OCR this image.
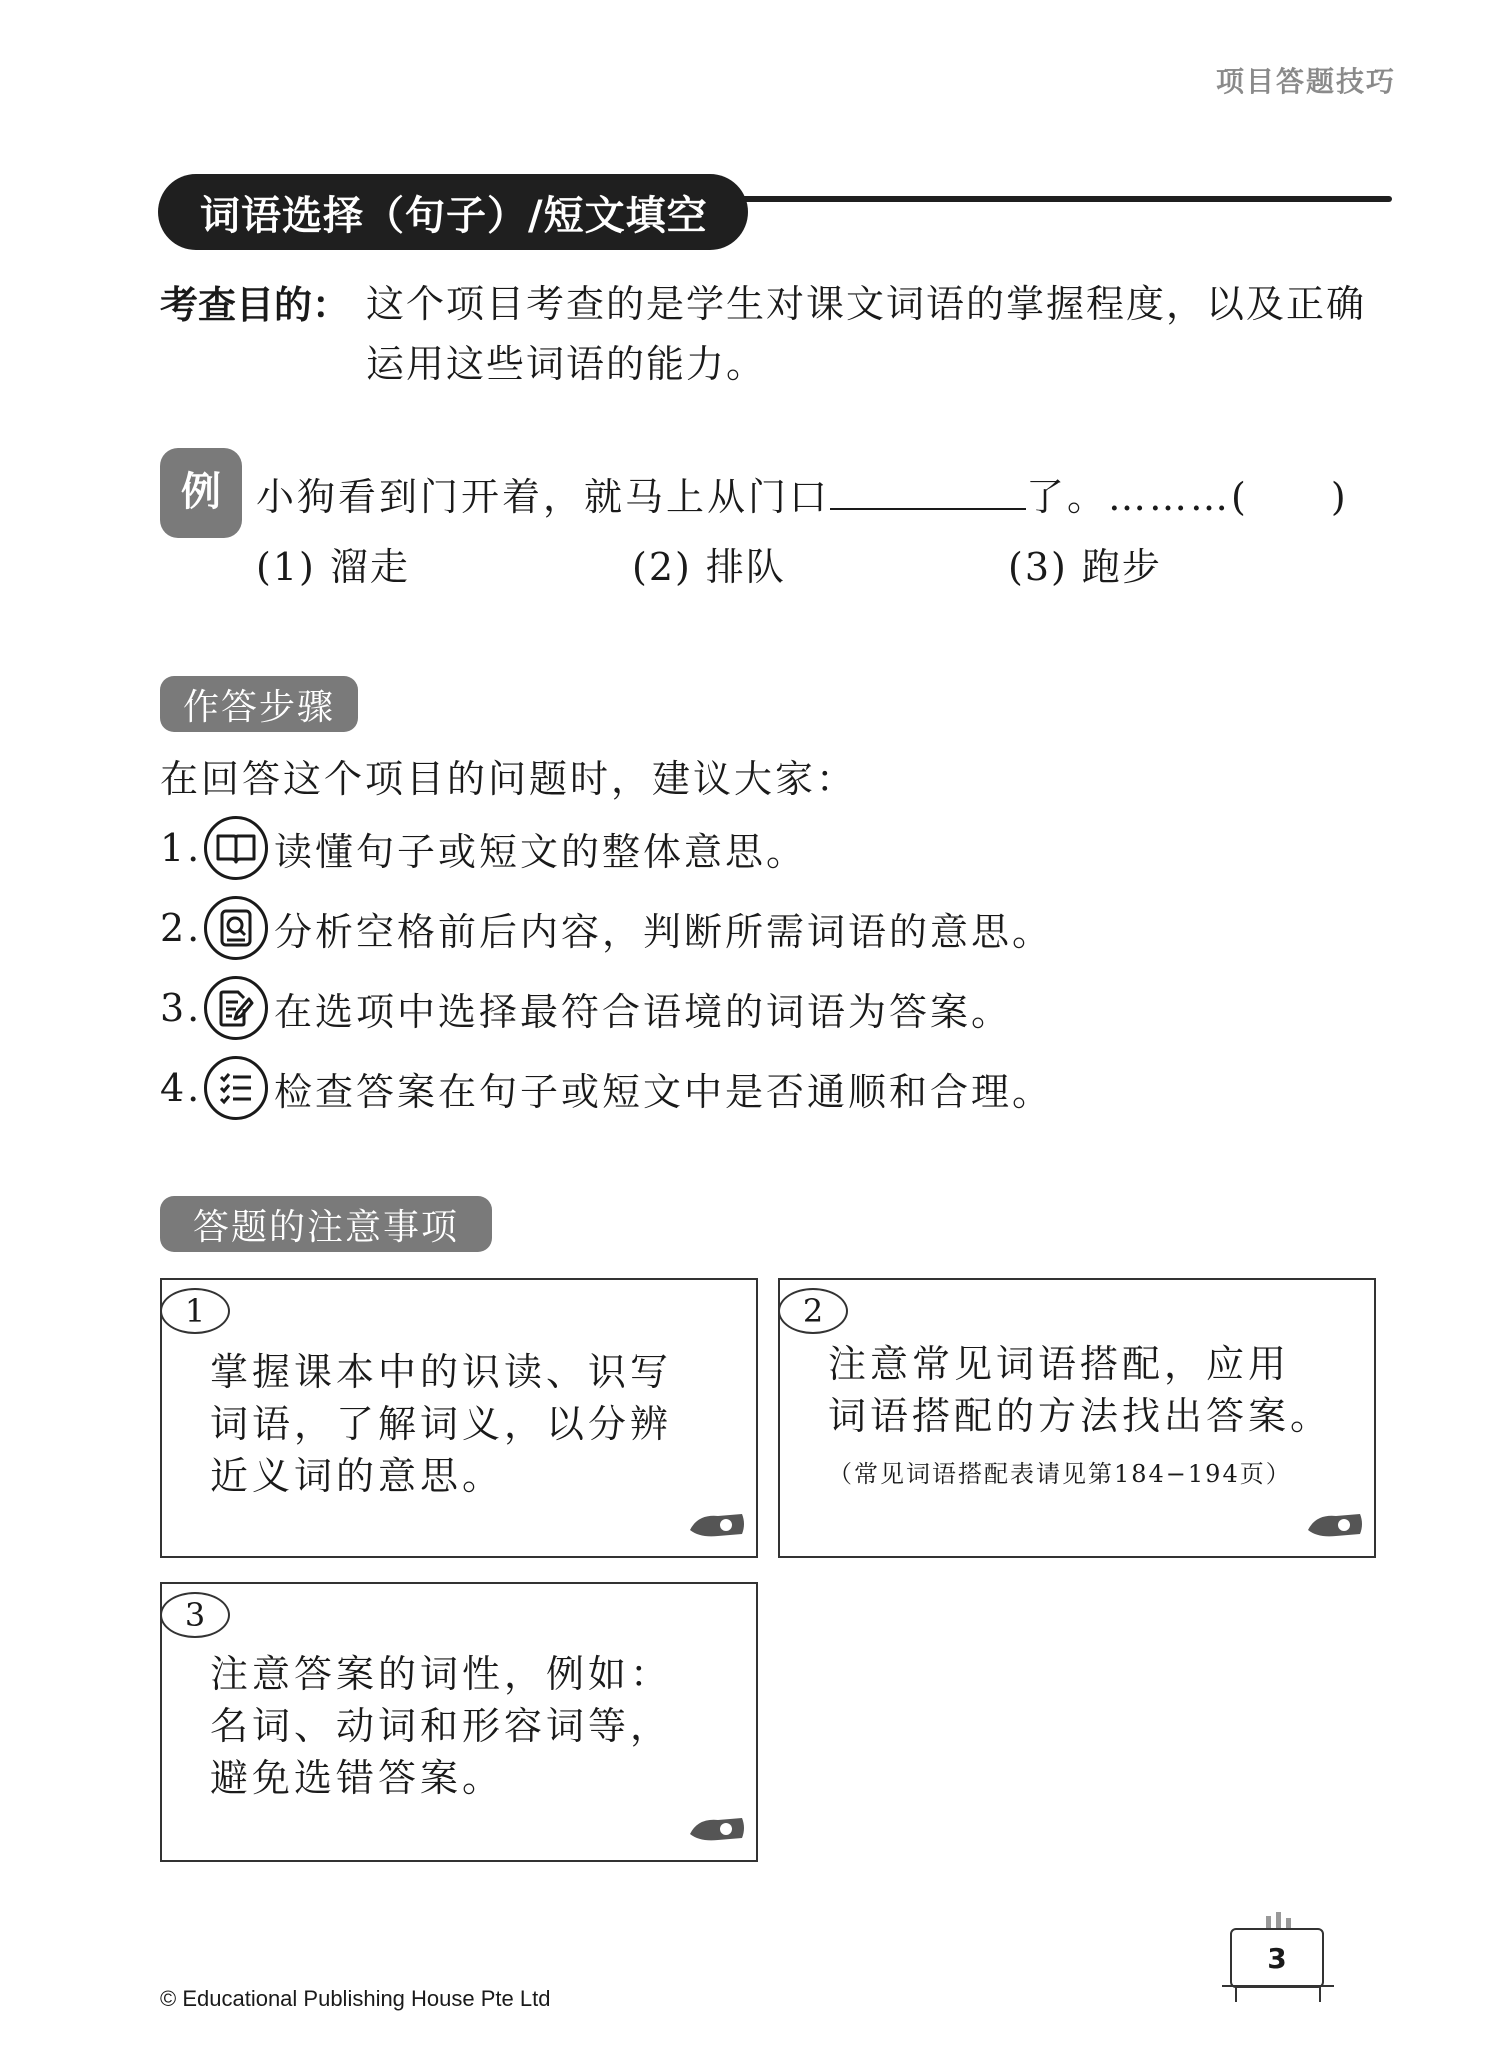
项目答题技巧
词语选择（句子）/短文填空
考查目的： 这个项目考查的是学生对课文词语的掌握程度，以及正确运用这些词语的能力。
例 小狗看到门开着，就马上从门口	了。………(　　)
(1) 溜走	(2) 排队	(3) 跑步
作答步骤
在回答这个项目的问题时，建议大家：
1. 读懂句子或短文的整体意思。
2. 分析空格前后内容，判断所需词语的意思。
3. 在选项中选择最符合语境的词语为答案。
4. 检查答案在句子或短文中是否通顺和合理。
答题的注意事项
1
掌握课本中的识读、识写
词语，了解词义，以分辨
近义词的意思。
2
注意常见词语搭配，应用
词语搭配的方法找出答案。
（常见词语搭配表请见第184−194页）
3
注意答案的词性，例如：
名词、动词和形容词等，
避免选错答案。
© Educational Publishing House Pte Ltd
3
